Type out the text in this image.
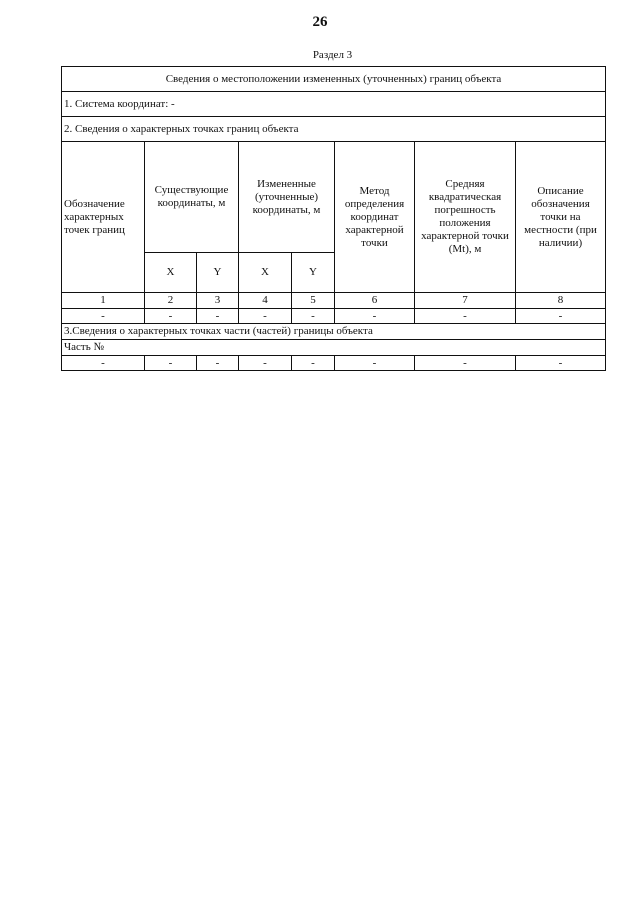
26
Раздел 3
Сведения о местоположении измененных (уточненных) границ объекта							
1. Система координат: -							
2. Сведения о характерных точках границ объекта							
Обозначение характерных точек границ	Существующие координаты, м		Измененные (уточненные) координаты, м		Метод определения координат характерной точки	Средняя квадратическая погрешность положения характерной точки (Mt), м	Описание обозначения точки на местности (при наличии)
	X	Y	X	Y			
1	2	3	4	5	6	7	8
-	-	-	-	-	-	-	-
3.Сведения о характерных точках части (частей) границы объекта							
Часть №							
-	-	-	-	-	-	-	-
